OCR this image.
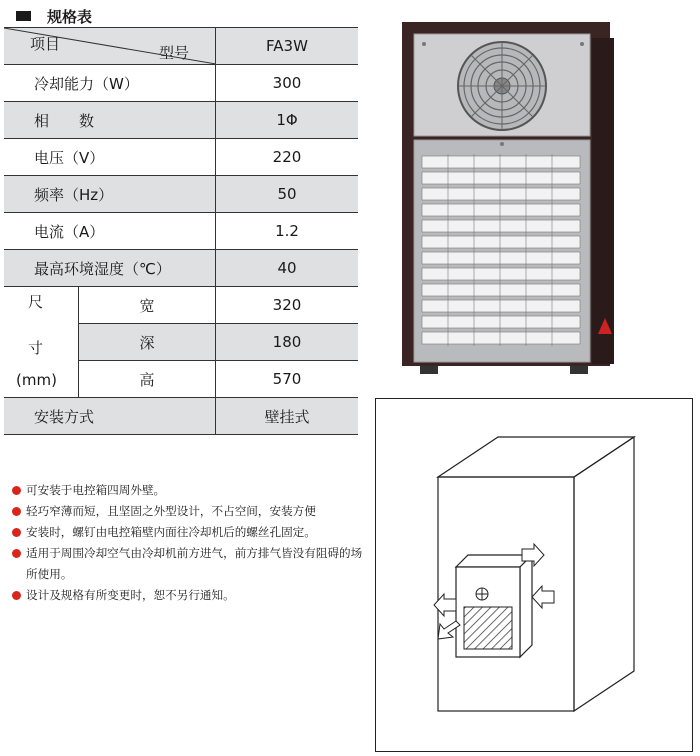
规格表
项目	型号	FA3W
冷却能力（W）	300
相　　数	1Φ
电压（V）	220
频率（Hz）	50
电流（A）	1.2
最高环境湿度（℃）	40

尺
寸
(mm)
	宽	320
深	180
高	570

安装方式	壁挂式
可安装于电控箱四周外壁。
轻巧窄薄而短，且坚固之外型设计，不占空间，安装方便
安装时，螺钉由电控箱壁内面往冷却机后的螺丝孔固定。
适用于周围冷却空气由冷却机前方进气，前方排气皆没有阻碍的场所使用。
设计及规格有所变更时，恕不另行通知。
